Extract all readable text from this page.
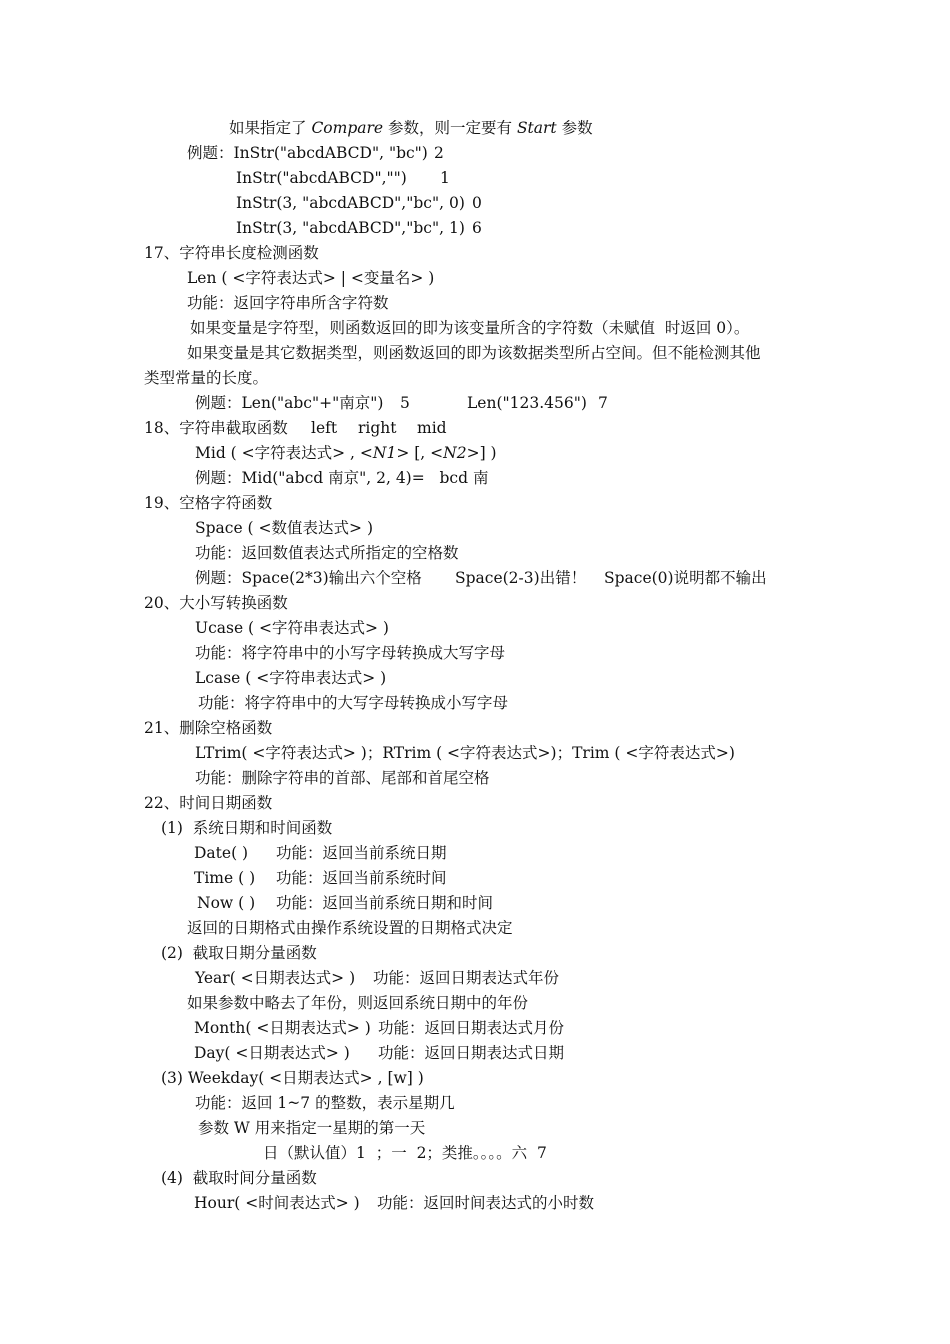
如果指定了 Compare 参数，则一定要有 Start 参数
例题：InStr("abcdABCD", "bc") 2
InStr("abcdABCD","") 1
InStr(3, "abcdABCD","bc", 0) 0
InStr(3, "abcdABCD","bc", 1) 6
17、字符串长度检测函数
Len ( <字符表达式> | <变量名> )
功能：返回字符串所含字符数
如果变量是字符型，则函数返回的即为该变量所含的字符数（未赋值  时返回 0）。
如果变量是其它数据类型，则函数返回的即为该数据类型所占空间。但不能检测其他
类型常量的长度。
例题：Len("abc"+"南京") 5	Len("123.456") 7
18、字符串截取函数 left right mid
Mid ( <字符表达式> , <N1> [, <N2>] )
例题：Mid("abcd 南京", 2, 4)=   bcd 南
19、空格字符函数
Space ( <数值表达式> )
功能：返回数值表达式所指定的空格数
例题：Space(2*3)输出六个空格 Space(2-3)出错！ Space(0)说明都不输出
20、大小写转换函数
Ucase ( <字符串表达式> )
功能：将字符串中的小写字母转换成大写字母
Lcase ( <字符串表达式> )
功能：将字符串中的大写字母转换成小写字母
21、删除空格函数
LTrim( <字符表达式> )；RTrim ( <字符表达式>)；Trim ( <字符表达式>)
功能：删除字符串的首部、尾部和首尾空格
22、时间日期函数
(1)  系统日期和时间函数
Date( ) 功能：返回当前系统日期
Time ( ) 功能：返回当前系统时间
Now ( ) 功能：返回当前系统日期和时间
返回的日期格式由操作系统设置的日期格式决定
(2)  截取日期分量函数
Year( <日期表达式> ) 功能：返回日期表达式年份
如果参数中略去了年份，则返回系统日期中的年份
Month( <日期表达式> ) 功能：返回日期表达式月份
Day( <日期表达式> ) 功能：返回日期表达式日期
(3) Weekday( <日期表达式> , [w] )
功能：返回 1~7 的整数，表示星期几
参数 W 用来指定一星期的第一天
日（默认值）1  ；一  2；类推。。。。六  7
(4)  截取时间分量函数
Hour( <时间表达式> ) 功能：返回时间表达式的小时数
